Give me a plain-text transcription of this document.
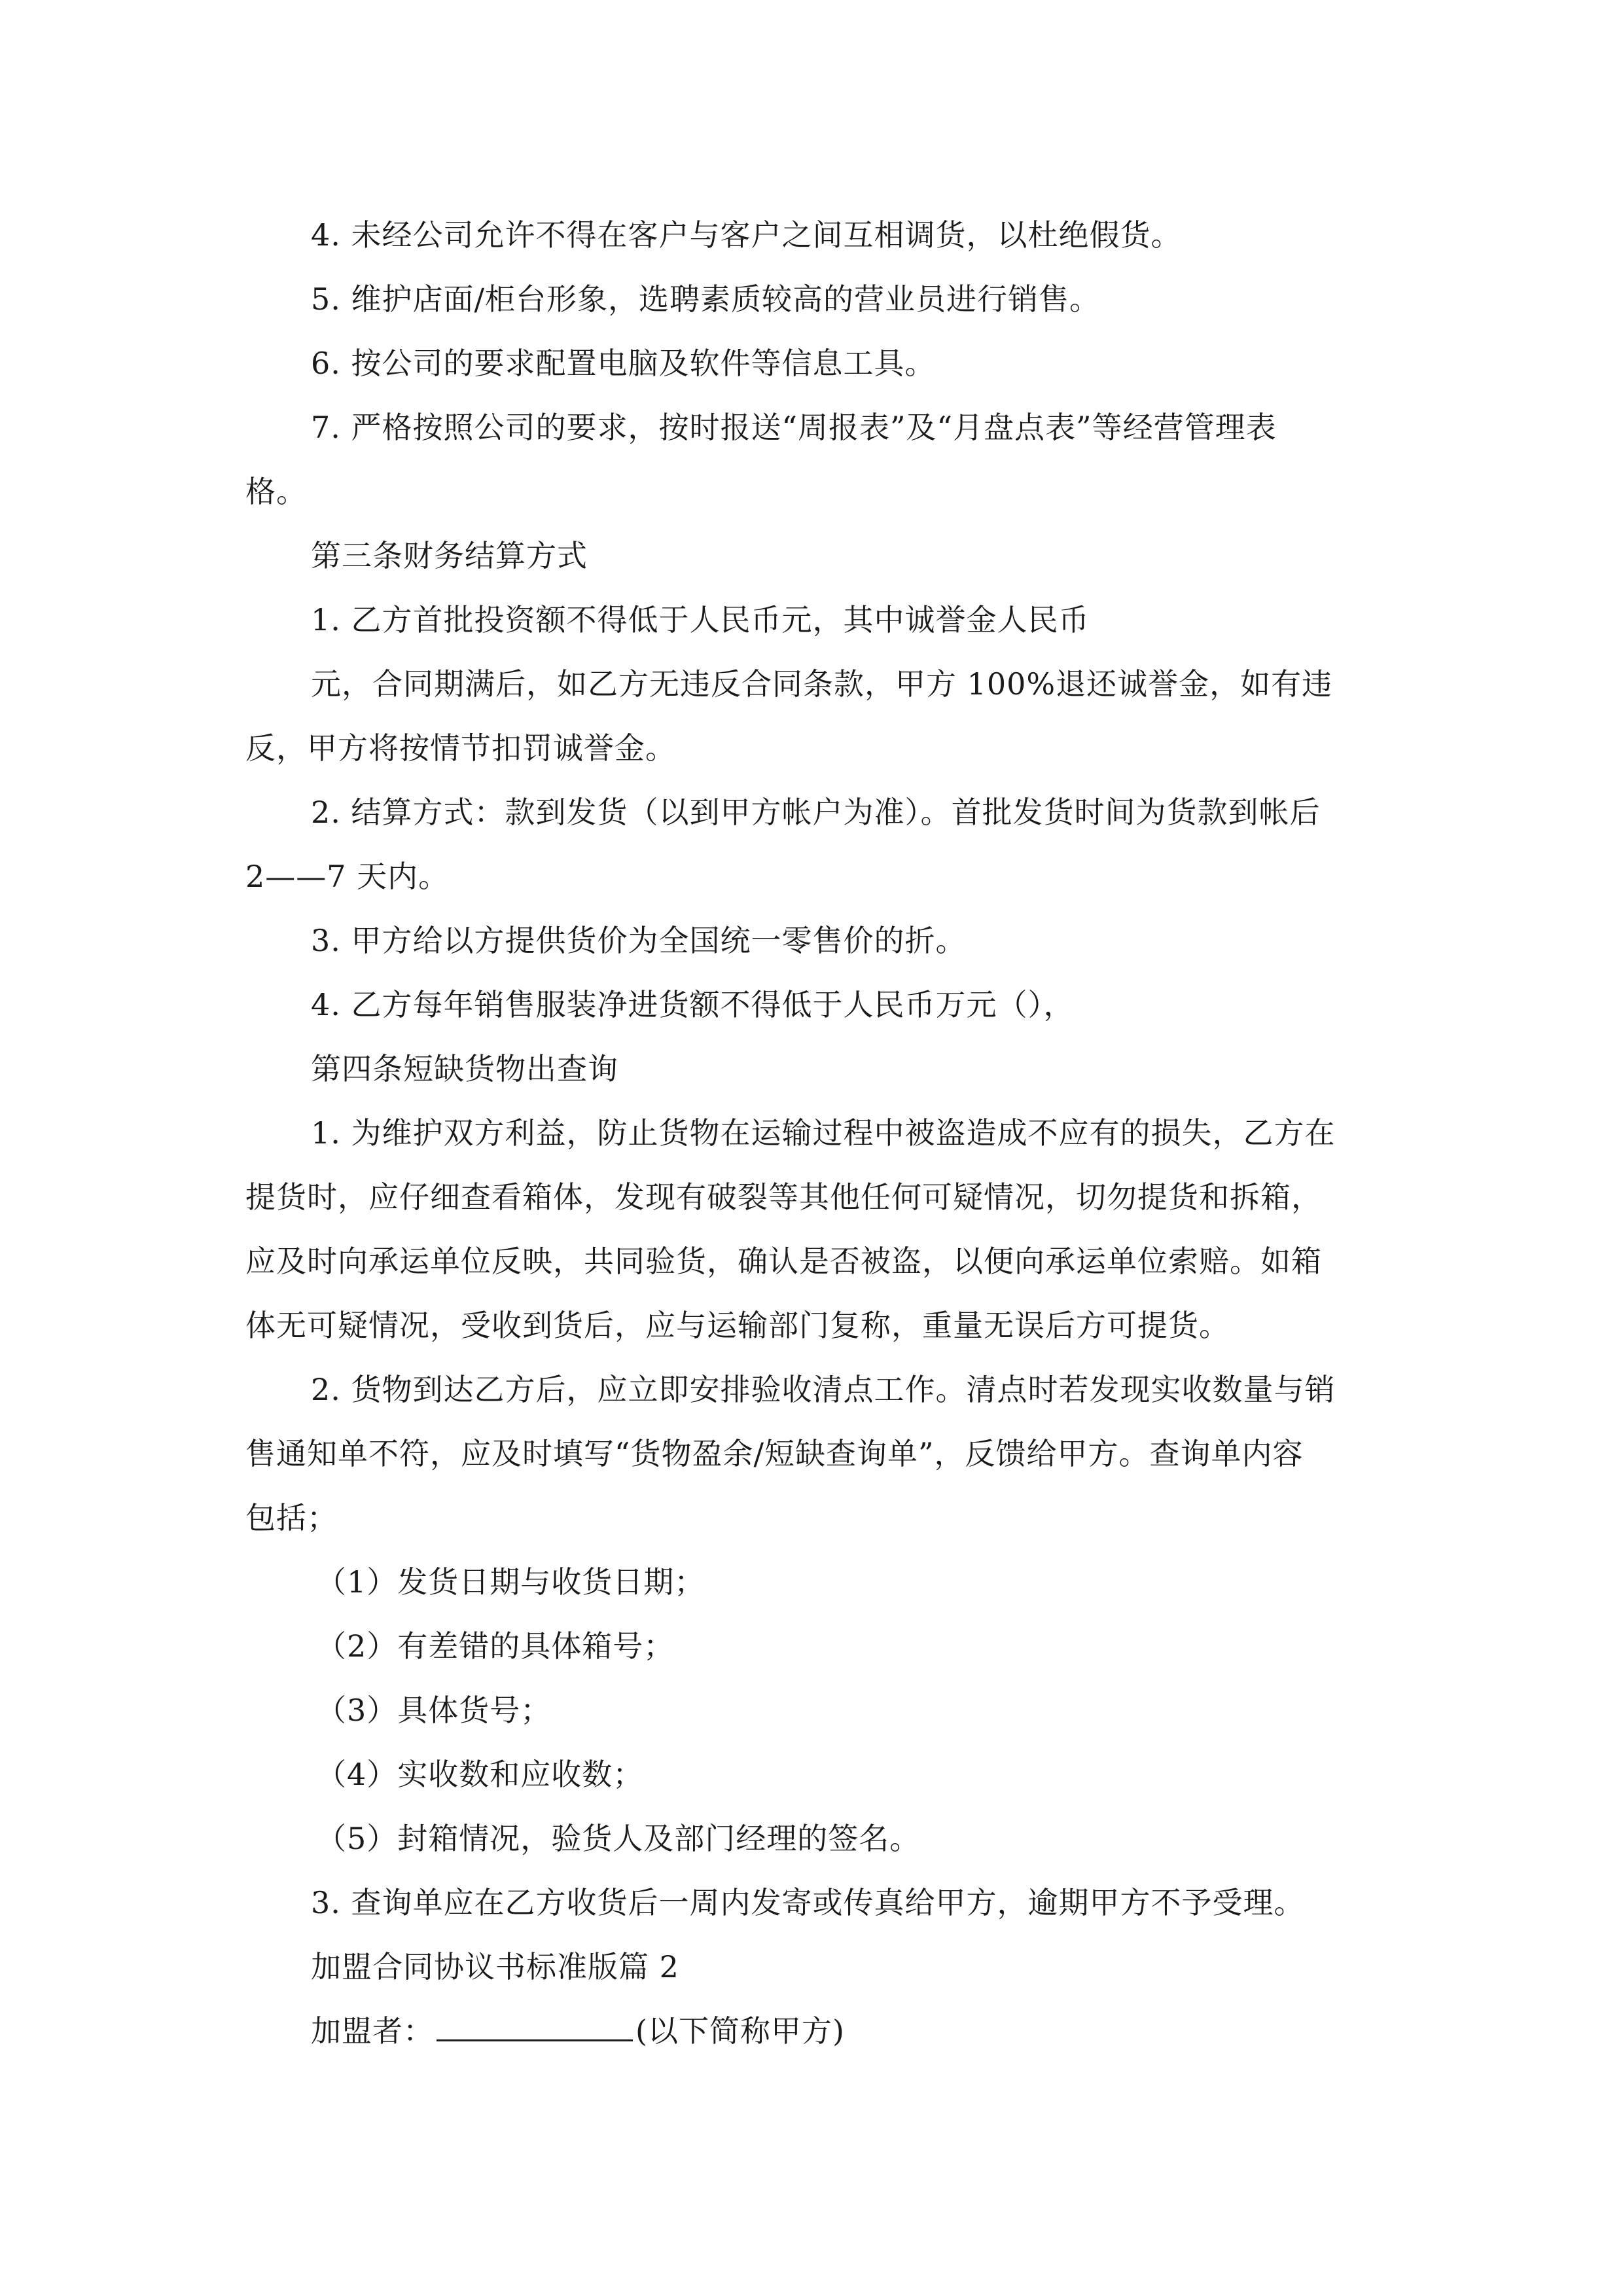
4. 未经公司允许不得在客户与客户之间互相调货，以杜绝假货。
5. 维护店面/柜台形象，选聘素质较高的营业员进行销售。
6. 按公司的要求配置电脑及软件等信息工具。
7. 严格按照公司的要求，按时报送“周报表”及“月盘点表”等经营管理表
格。
第三条财务结算方式
1. 乙方首批投资额不得低于人民币元，其中诚誉金人民币
元，合同期满后，如乙方无违反合同条款，甲方 100%退还诚誉金，如有违
反，甲方将按情节扣罚诚誉金。
2. 结算方式：款到发货（以到甲方帐户为准）。首批发货时间为货款到帐后
2——7 天内。
3. 甲方给以方提供货价为全国统一零售价的折。
4. 乙方每年销售服装净进货额不得低于人民币万元（），
第四条短缺货物出查询
1. 为维护双方利益，防止货物在运输过程中被盗造成不应有的损失，乙方在
提货时，应仔细查看箱体，发现有破裂等其他任何可疑情况，切勿提货和拆箱，
应及时向承运单位反映，共同验货，确认是否被盗，以便向承运单位索赔。如箱
体无可疑情况，受收到货后，应与运输部门复称，重量无误后方可提货。
2. 货物到达乙方后，应立即安排验收清点工作。清点时若发现实收数量与销
售通知单不符，应及时填写“货物盈余/短缺查询单”，反馈给甲方。查询单内容
包括；
（1）发货日期与收货日期；
（2）有差错的具体箱号；
（3）具体货号；
（4）实收数和应收数；
（5）封箱情况，验货人及部门经理的签名。
3. 查询单应在乙方收货后一周内发寄或传真给甲方，逾期甲方不予受理。
加盟合同协议书标准版篇 2
加盟者：	(以下简称甲方)
